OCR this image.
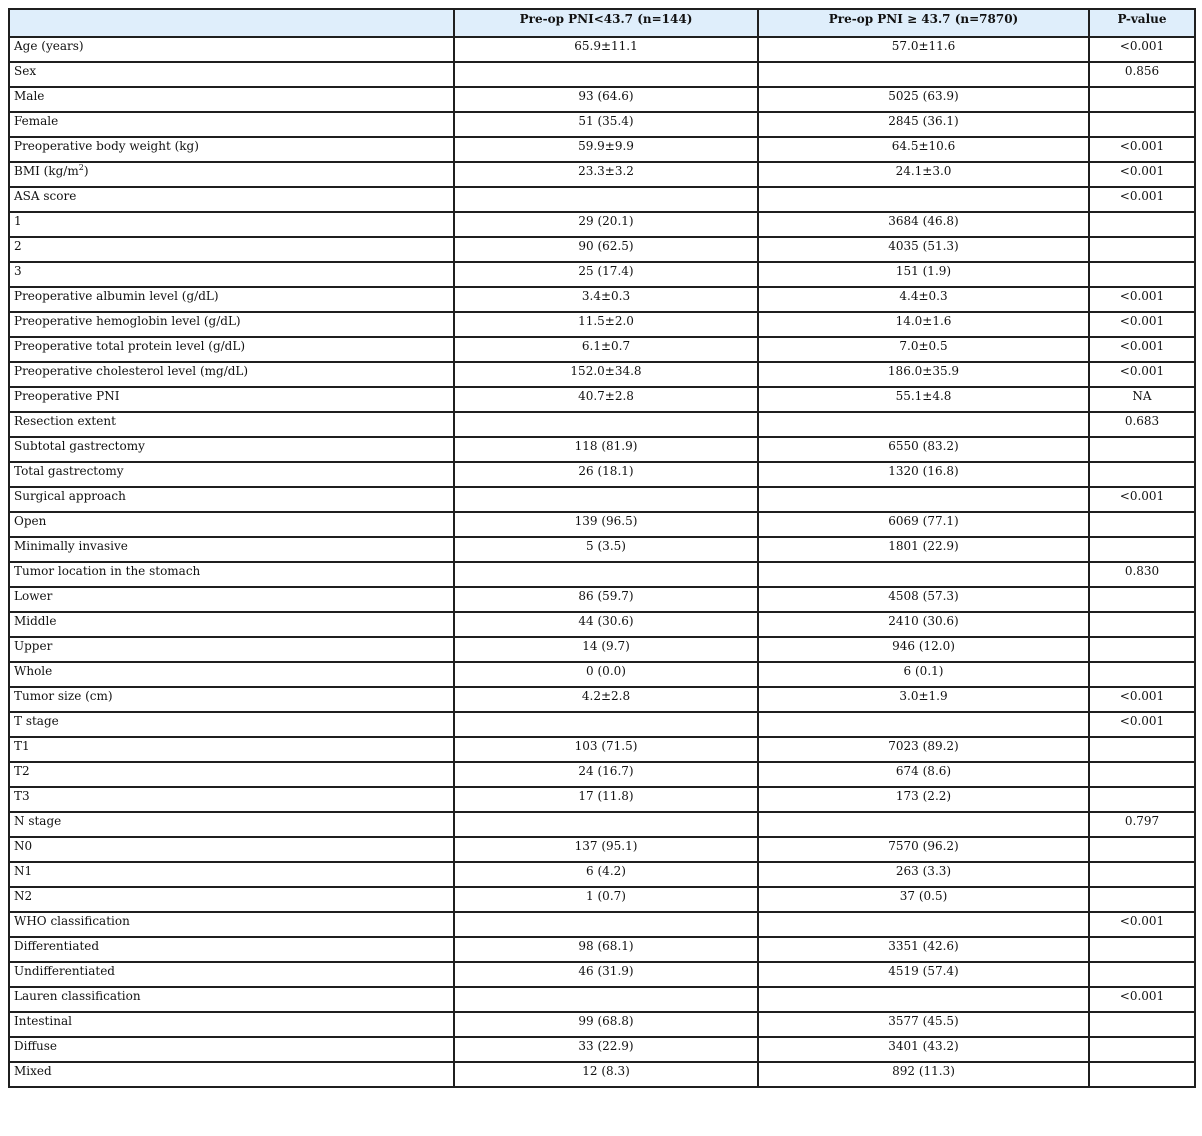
	Pre-op PNI<43.7 (n=144)	Pre-op PNI ≥ 43.7 (n=7870)	P-value
Age (years)	65.9±11.1	57.0±11.6	<0.001
Sex			0.856
Male	93 (64.6)	5025 (63.9)	
Female	51 (35.4)	2845 (36.1)	
Preoperative body weight (kg)	59.9±9.9	64.5±10.6	<0.001
BMI $(kg/m^2)$	23.3±3.2	24.1±3.0	<0.001
ASA score			<0.001
1	29 (20.1)	3684 (46.8)	
2	90 (62.5)	4035 (51.3)	
3	25 (17.4)	151 (1.9)	
Preoperative albumin level (g/dL)	3.4±0.3	4.4±0.3	<0.001
Preoperative hemoglobin level (g/dL)	11.5±2.0	14.0±1.6	<0.001
Preoperative total protein level (g/dL)	6.1±0.7	7.0±0.5	<0.001
Preoperative cholesterol level (mg/dL)	152.0±34.8	186.0±35.9	<0.001
Preoperative PNI	40.7±2.8	55.1±4.8	NA
Resection extent			0.683
Subtotal gastrectomy	118 (81.9)	6550 (83.2)	
Total gastrectomy	26 (18.1)	1320 (16.8)	
Surgical approach			<0.001
Open	139 (96.5)	6069 (77.1)	
Minimally invasive	5 (3.5)	1801 (22.9)	
Tumor location in the stomach			0.830
Lower	86 (59.7)	4508 (57.3)	
Middle	44 (30.6)	2410 (30.6)	
Upper	14 (9.7)	946 (12.0)	
Whole	0 (0.0)	6 (0.1)	
Tumor size (cm)	4.2±2.8	3.0±1.9	<0.001
T stage			<0.001
T1	103 (71.5)	7023 (89.2)	
T2	24 (16.7)	674 (8.6)	
T3	17 (11.8)	173 (2.2)	
N stage			0.797
N0	137 (95.1)	7570 (96.2)	
N1	6 (4.2)	263 (3.3)	
N2	1 (0.7)	37 (0.5)	
WHO classification			<0.001
Differentiated	98 (68.1)	3351 (42.6)	
Undifferentiated	46 (31.9)	4519 (57.4)	
Lauren classification			<0.001
Intestinal	99 (68.8)	3577 (45.5)	
Diffuse	33 (22.9)	3401 (43.2)	
Mixed	12 (8.3)	892 (11.3)	
